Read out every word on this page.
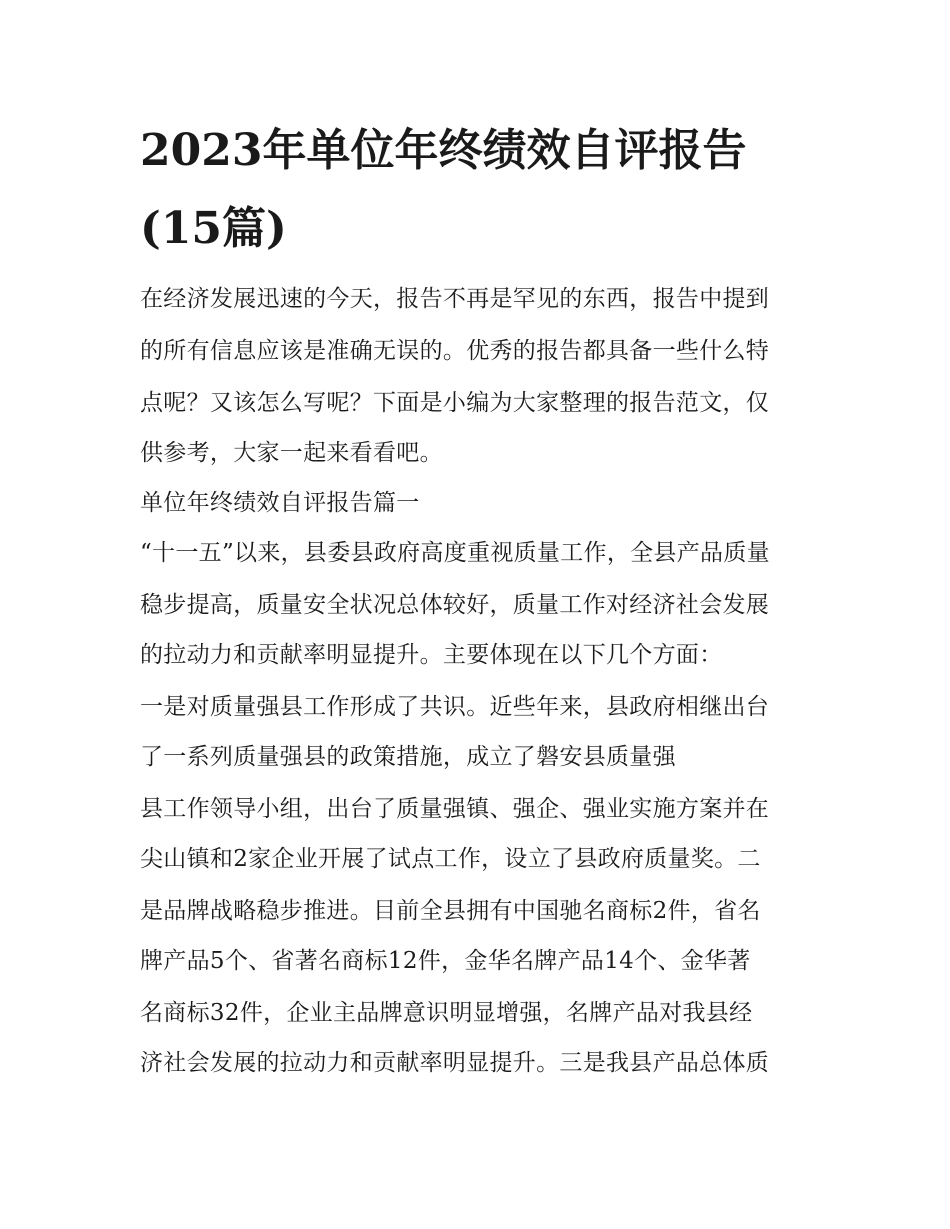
2023年单位年终绩效自评报告
(15篇)

在经济发展迅速的今天，报告不再是罕见的东西，报告中提到

的所有信息应该是准确无误的。优秀的报告都具备一些什么特

点呢？又该怎么写呢？下面是小编为大家整理的报告范文，仅

供参考，大家一起来看看吧。

单位年终绩效自评报告篇一

“十一五”以来，县委县政府高度重视质量工作，全县产品质量

稳步提高，质量安全状况总体较好，质量工作对经济社会发展

的拉动力和贡献率明显提升。主要体现在以下几个方面：

一是对质量强县工作形成了共识。近些年来，县政府相继出台

了一系列质量强县的政策措施，成立了磐安县质量强

县工作领导小组，出台了质量强镇、强企、强业实施方案并在

尖山镇和2家企业开展了试点工作，设立了县政府质量奖。二

是品牌战略稳步推进。目前全县拥有中国驰名商标2件，省名

牌产品5个、省著名商标12件，金华名牌产品14个、金华著

名商标32件，企业主品牌意识明显增强，名牌产品对我县经

济社会发展的拉动力和贡献率明显提升。三是我县产品总体质
